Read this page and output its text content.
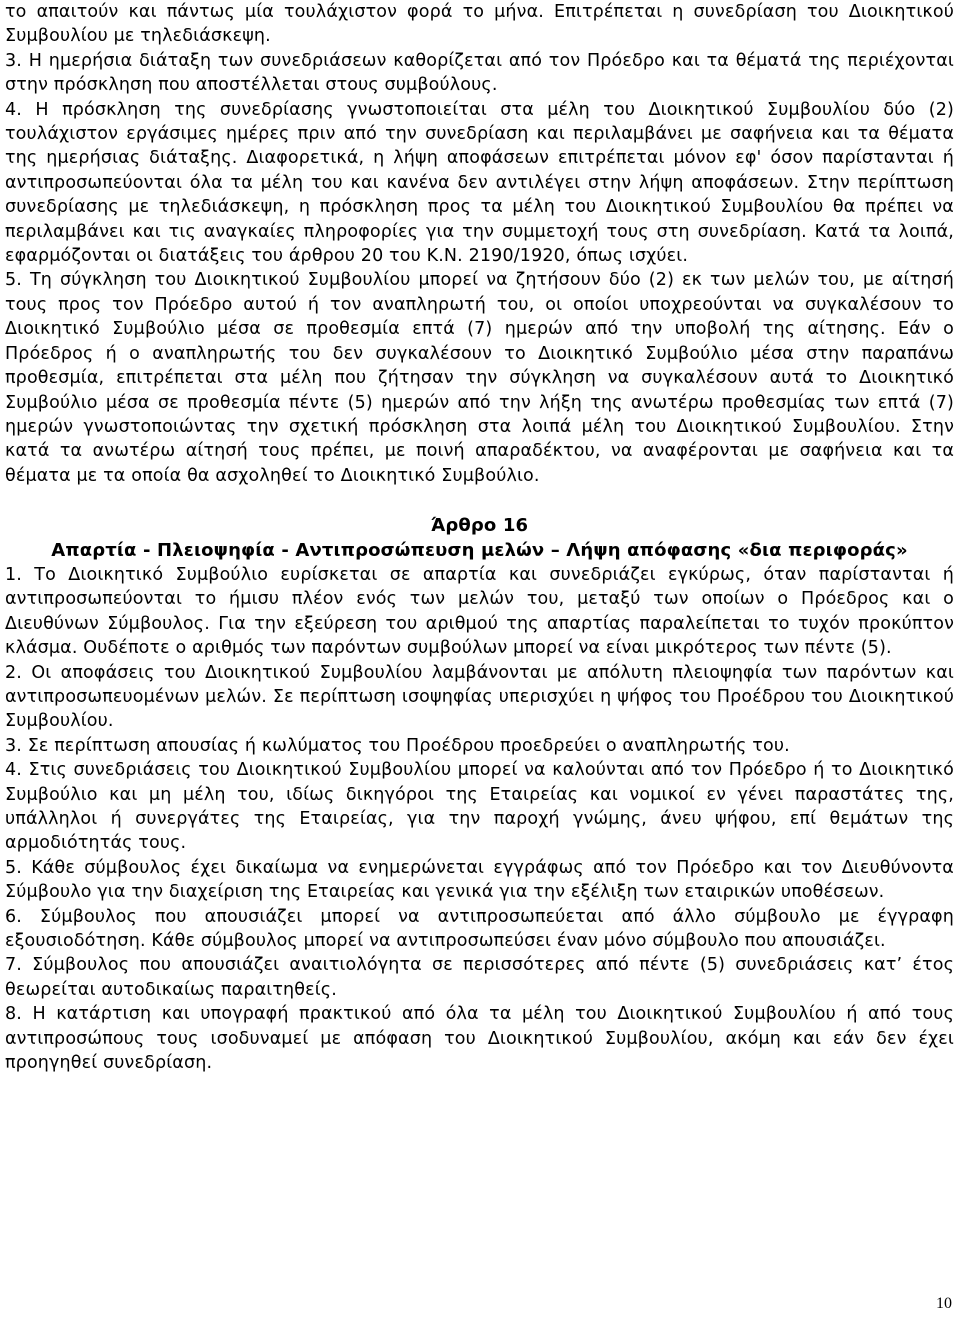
το απαιτούν και πάντως μία τουλάχιστον φορά το μήνα. Επιτρέπεται η συνεδρίαση του Διοικητικού Συμβουλίου με τηλεδιάσκεψη.

3. Η ημερήσια διάταξη των συνεδριάσεων καθορίζεται από τον Πρόεδρο και τα θέματά της περιέχονται στην πρόσκληση που αποστέλλεται στους συμβούλους.

4. Η πρόσκληση της συνεδρίασης γνωστοποιείται στα μέλη του Διοικητικού Συμβουλίου δύο (2) τουλάχιστον εργάσιμες ημέρες πριν από την συνεδρίαση και περιλαμβάνει με σαφήνεια και τα θέματα της ημερήσιας διάταξης. Διαφορετικά, η λήψη αποφάσεων επιτρέπεται μόνον εφ' όσον παρίστανται ή αντιπροσωπεύονται όλα τα μέλη του και κανένα δεν αντιλέγει στην λήψη αποφάσεων. Στην περίπτωση συνεδρίασης με τηλεδιάσκεψη, η πρόσκληση προς τα μέλη του Διοικητικού Συμβουλίου θα πρέπει να περιλαμβάνει και τις αναγκαίες πληροφορίες για την συμμετοχή τους στη συνεδρίαση. Κατά τα λοιπά, εφαρμόζονται οι διατάξεις του άρθρου 20 του Κ.Ν. 2190/1920, όπως ισχύει.

5. Τη σύγκληση του Διοικητικού Συμβουλίου μπορεί να ζητήσουν δύο (2) εκ των μελών του, με αίτησή τους προς τον Πρόεδρο αυτού ή τον αναπληρωτή του, οι οποίοι υποχρεούνται να συγκαλέσουν το Διοικητικό Συμβούλιο μέσα σε προθεσμία επτά (7) ημερών από την υποβολή της αίτησης. Εάν ο Πρόεδρος ή ο αναπληρωτής του δεν συγκαλέσουν το Διοικητικό Συμβούλιο μέσα στην παραπάνω προθεσμία, επιτρέπεται στα μέλη που ζήτησαν την σύγκληση να συγκαλέσουν αυτά το Διοικητικό Συμβούλιο μέσα σε προθεσμία πέντε (5) ημερών από την λήξη της ανωτέρω προθεσμίας των επτά (7) ημερών γνωστοποιώντας την σχετική πρόσκληση στα λοιπά μέλη του Διοικητικού Συμβουλίου. Στην κατά τα ανωτέρω αίτησή τους πρέπει, με ποινή απαραδέκτου, να αναφέρονται με σαφήνεια και τα θέματα με τα οποία θα ασχοληθεί το Διοικητικό Συμβούλιο.

Άρθρο 16

Απαρτία - Πλειοψηφία - Αντιπροσώπευση μελών – Λήψη απόφασης «δια περιφοράς»

1. Το Διοικητικό Συμβούλιο ευρίσκεται σε απαρτία και συνεδριάζει εγκύρως, όταν παρίστανται ή αντιπροσωπεύονται το ήμισυ πλέον ενός των μελών του, μεταξύ των οποίων ο Πρόεδρος και ο Διευθύνων Σύμβουλος. Για την εξεύρεση του αριθμού της απαρτίας παραλείπεται το τυχόν προκύπτον κλάσμα. Ουδέποτε ο αριθμός των παρόντων συμβούλων μπορεί να είναι μικρότερος των πέντε (5).

2. Οι αποφάσεις του Διοικητικού Συμβουλίου λαμβάνονται με απόλυτη πλειοψηφία των παρόντων και αντιπροσωπευομένων μελών. Σε περίπτωση ισοψηφίας υπερισχύει η ψήφος του Προέδρου του Διοικητικού Συμβουλίου.

3. Σε περίπτωση απουσίας ή κωλύματος του Προέδρου προεδρεύει ο αναπληρωτής του.

4. Στις συνεδριάσεις του Διοικητικού Συμβουλίου μπορεί να καλούνται από τον Πρόεδρο ή το Διοικητικό Συμβούλιο και μη μέλη του, ιδίως δικηγόροι της Εταιρείας και νομικοί εν γένει παραστάτες της, υπάλληλοι ή συνεργάτες της Εταιρείας, για την παροχή γνώμης, άνευ ψήφου, επί θεμάτων της αρμοδιότητάς τους.

5. Κάθε σύμβουλος έχει δικαίωμα να ενημερώνεται εγγράφως από τον Πρόεδρο και τον Διευθύνοντα Σύμβουλο για την διαχείριση της Εταιρείας και γενικά για την εξέλιξη των εταιρικών υποθέσεων.

6. Σύμβουλος που απουσιάζει μπορεί να αντιπροσωπεύεται από άλλο σύμβουλο με έγγραφη εξουσιοδότηση. Κάθε σύμβουλος μπορεί να αντιπροσωπεύσει έναν μόνο σύμβουλο που απουσιάζει.

7. Σύμβουλος που απουσιάζει αναιτιολόγητα σε περισσότερες από πέντε (5) συνεδριάσεις κατ’ έτος θεωρείται αυτοδικαίως παραιτηθείς.

8. Η κατάρτιση και υπογραφή πρακτικού από όλα τα μέλη του Διοικητικού Συμβουλίου ή από τους αντιπροσώπους τους ισοδυναμεί με απόφαση του Διοικητικού Συμβουλίου, ακόμη και εάν δεν έχει προηγηθεί συνεδρίαση.

10
